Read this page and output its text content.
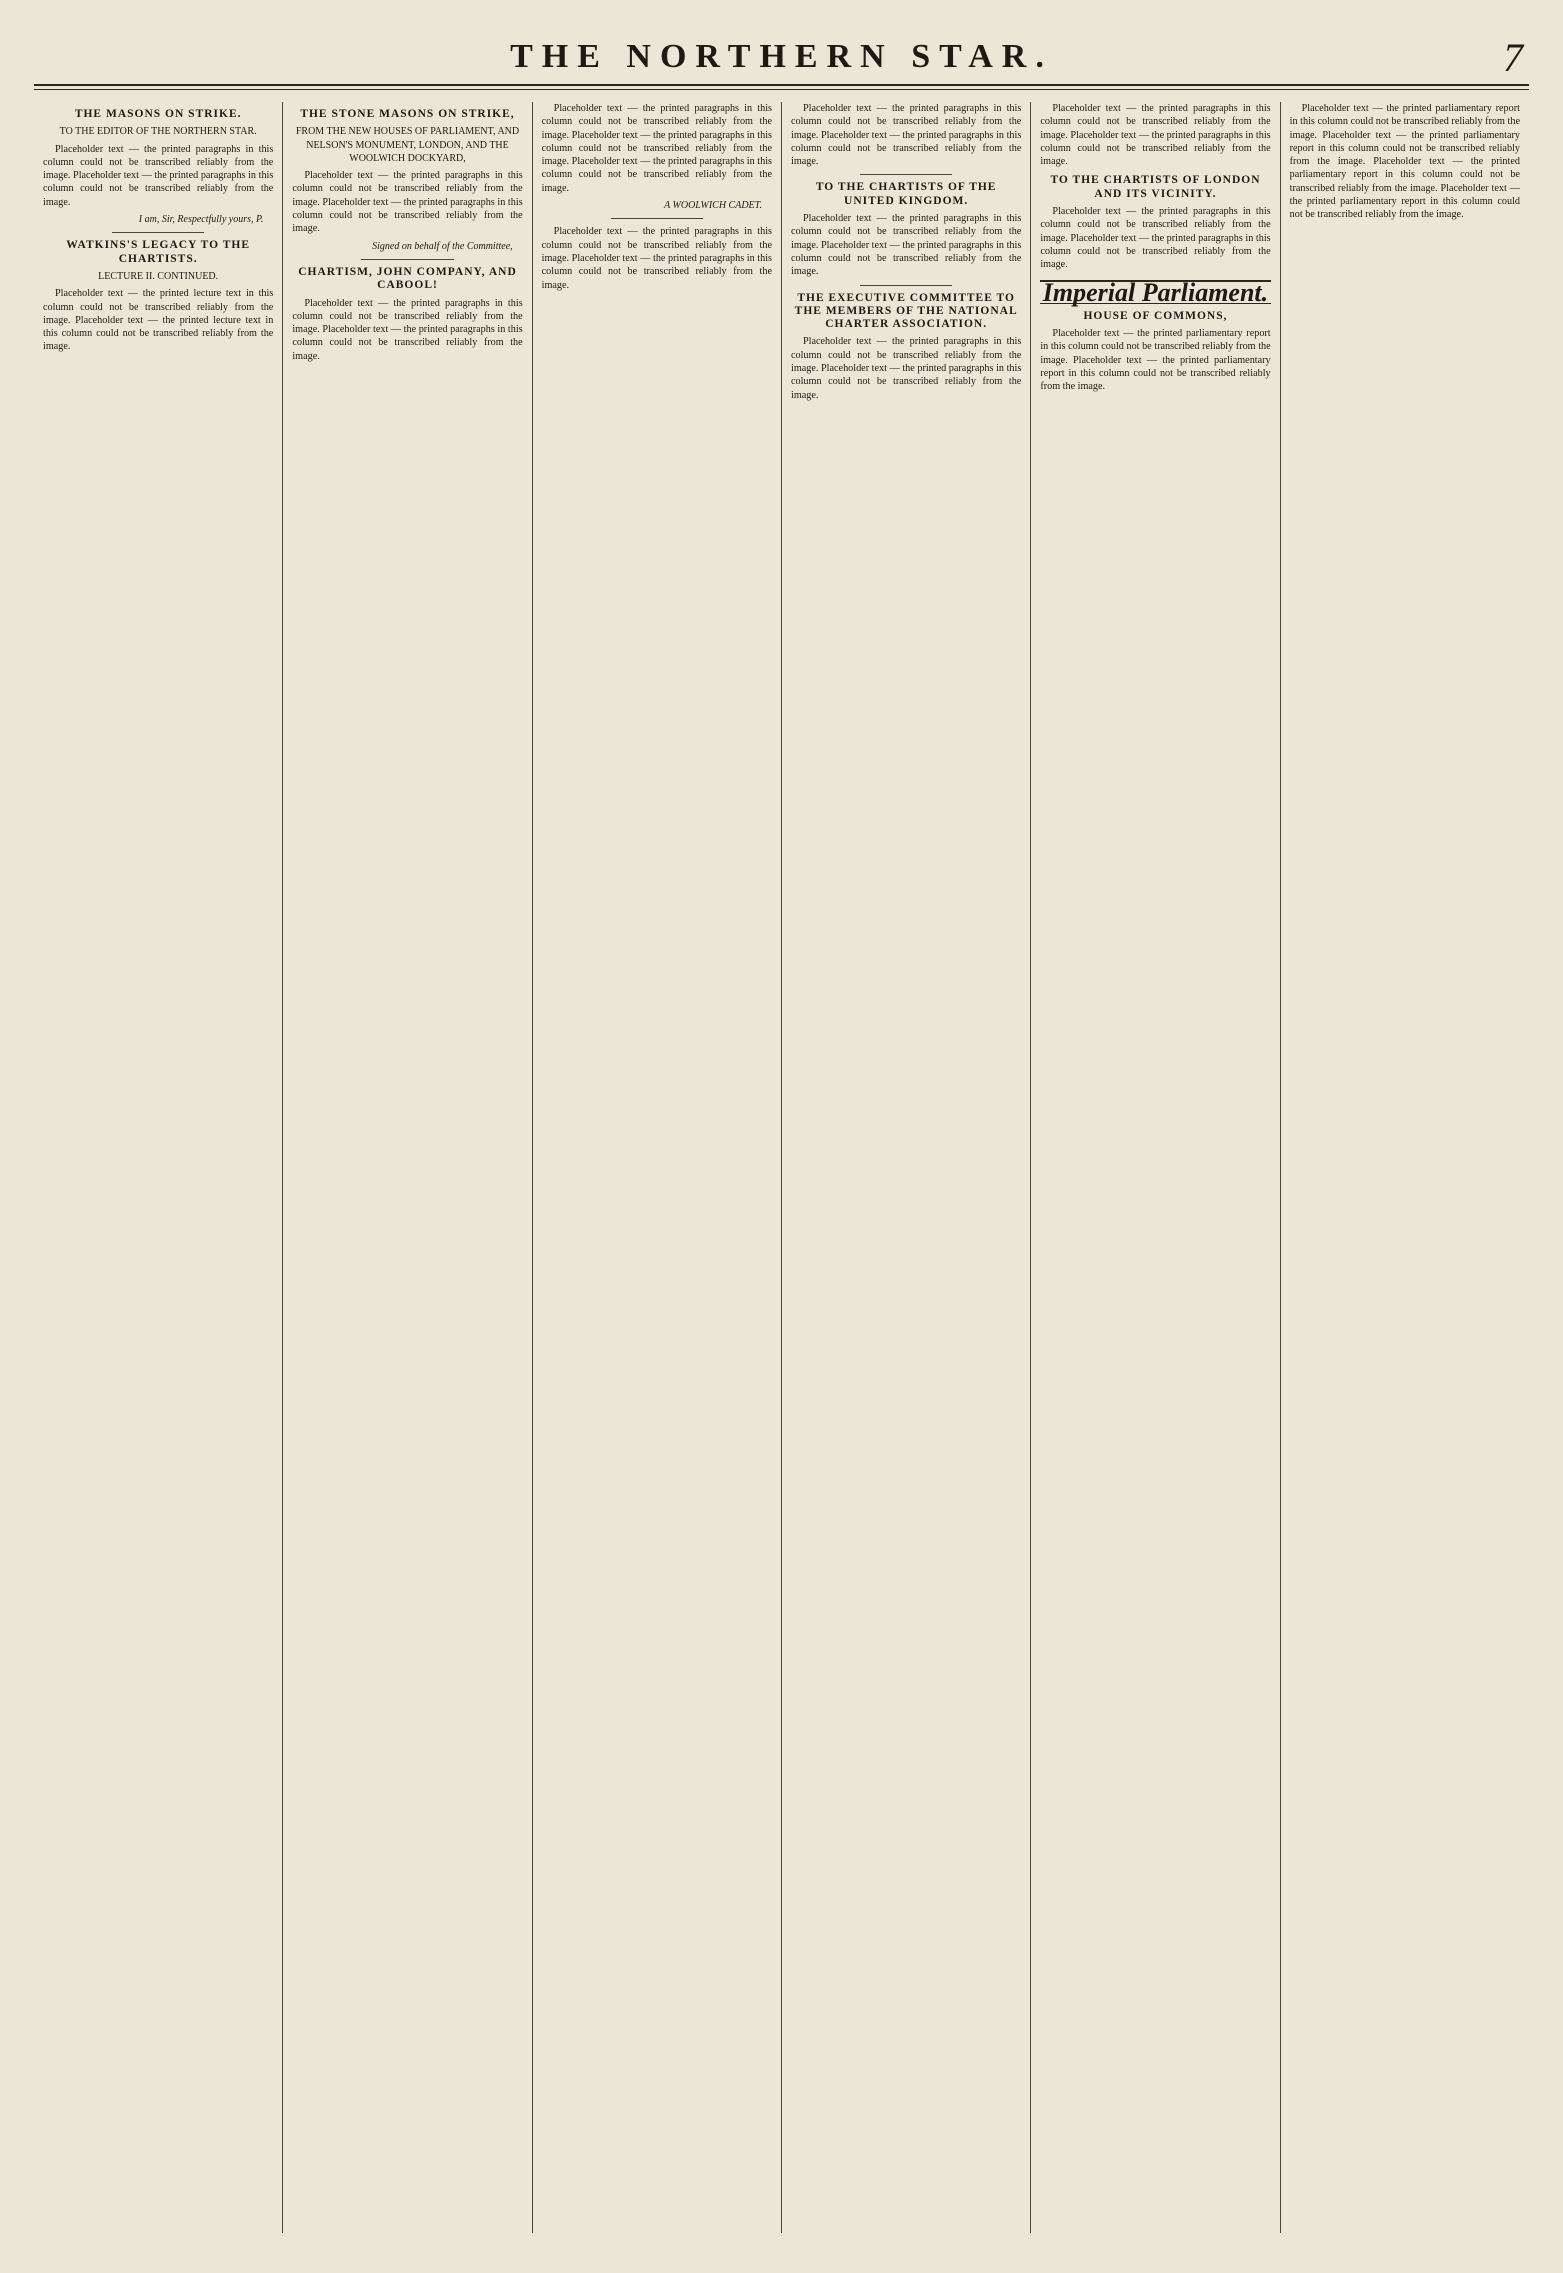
THE NORTHERN STAR.	7
THE MASONS ON STRIKE.
TO THE EDITOR OF THE NORTHERN STAR.

Placeholder text — the printed paragraphs in this column could not be transcribed reliably from the image. Placeholder text — the printed paragraphs in this column could not be transcribed reliably from the image.

I am, Sir, Respectfully yours, P.
WATKINS'S LEGACY TO THE CHARTISTS.
LECTURE II. CONTINUED.

Placeholder text — the printed lecture text in this column could not be transcribed reliably from the image. Placeholder text — the printed lecture text in this column could not be transcribed reliably from the image.

THE STONE MASONS ON STRIKE,
FROM THE NEW HOUSES OF PARLIAMENT, AND NELSON'S MONUMENT, LONDON, AND THE WOOLWICH DOCKYARD,

Placeholder text — the printed paragraphs in this column could not be transcribed reliably from the image. Placeholder text — the printed paragraphs in this column could not be transcribed reliably from the image.

Signed on behalf of the Committee,
CHARTISM, JOHN COMPANY, AND CABOOL!

Placeholder text — the printed paragraphs in this column could not be transcribed reliably from the image. Placeholder text — the printed paragraphs in this column could not be transcribed reliably from the image.

Placeholder text — the printed paragraphs in this column could not be transcribed reliably from the image. Placeholder text — the printed paragraphs in this column could not be transcribed reliably from the image. Placeholder text — the printed paragraphs in this column could not be transcribed reliably from the image.

A WOOLWICH CADET.

Placeholder text — the printed paragraphs in this column could not be transcribed reliably from the image. Placeholder text — the printed paragraphs in this column could not be transcribed reliably from the image.

Placeholder text — the printed paragraphs in this column could not be transcribed reliably from the image. Placeholder text — the printed paragraphs in this column could not be transcribed reliably from the image.

TO THE CHARTISTS OF THE UNITED KINGDOM.

Placeholder text — the printed paragraphs in this column could not be transcribed reliably from the image. Placeholder text — the printed paragraphs in this column could not be transcribed reliably from the image.

THE EXECUTIVE COMMITTEE TO THE MEMBERS OF THE NATIONAL CHARTER ASSOCIATION.

Placeholder text — the printed paragraphs in this column could not be transcribed reliably from the image. Placeholder text — the printed paragraphs in this column could not be transcribed reliably from the image.

Placeholder text — the printed paragraphs in this column could not be transcribed reliably from the image. Placeholder text — the printed paragraphs in this column could not be transcribed reliably from the image.

TO THE CHARTISTS OF LONDON AND ITS VICINITY.

Placeholder text — the printed paragraphs in this column could not be transcribed reliably from the image. Placeholder text — the printed paragraphs in this column could not be transcribed reliably from the image.

Imperial Parliament.
HOUSE OF COMMONS,

Placeholder text — the printed parliamentary report in this column could not be transcribed reliably from the image. Placeholder text — the printed parliamentary report in this column could not be transcribed reliably from the image.

Placeholder text — the printed parliamentary report in this column could not be transcribed reliably from the image. Placeholder text — the printed parliamentary report in this column could not be transcribed reliably from the image. Placeholder text — the printed parliamentary report in this column could not be transcribed reliably from the image. Placeholder text — the printed parliamentary report in this column could not be transcribed reliably from the image.
